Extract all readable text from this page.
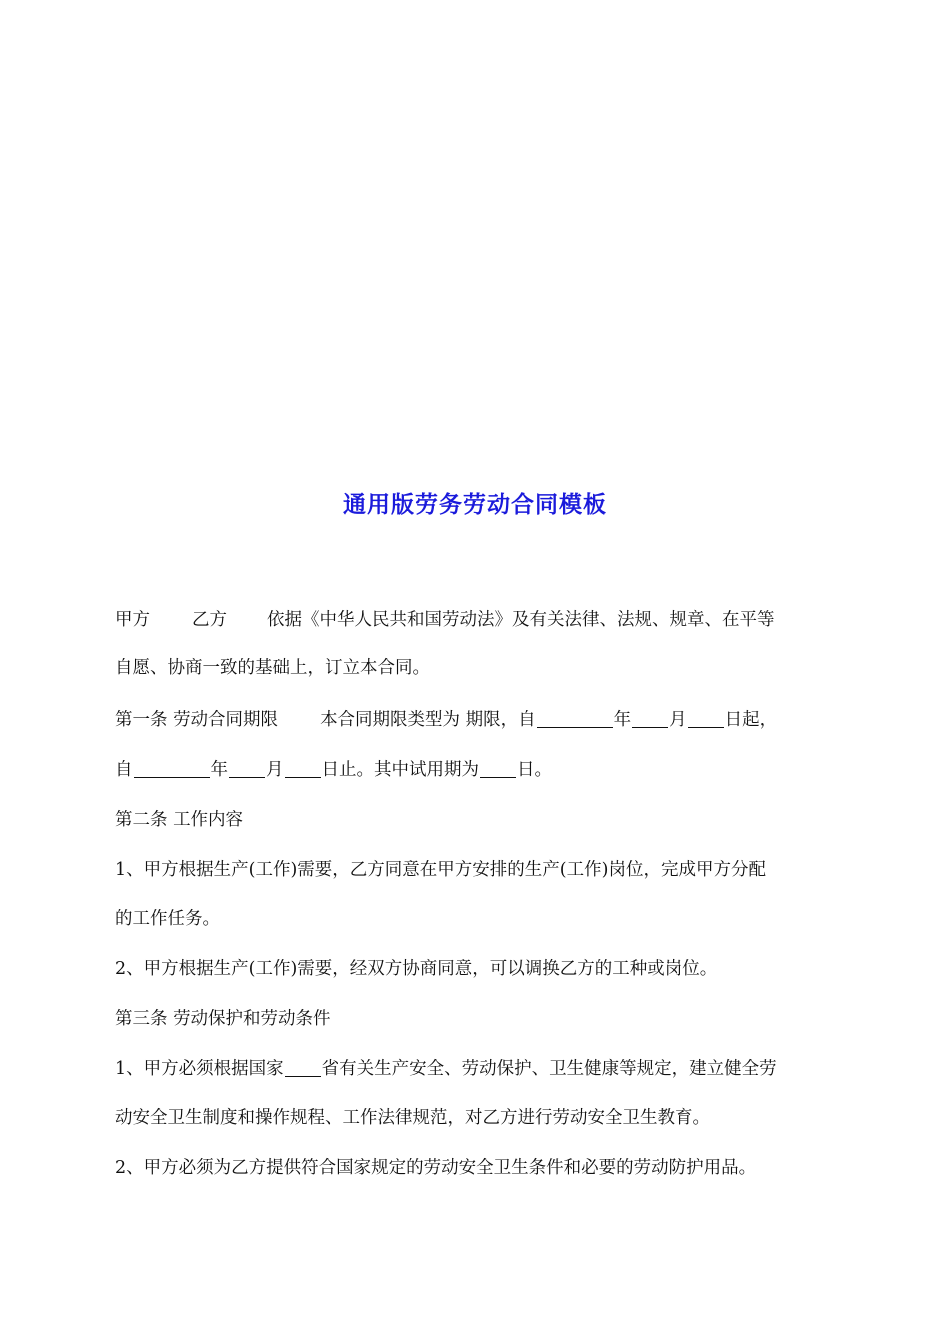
通用版劳务劳动合同模板
甲方 乙方 依据《中华人民共和国劳动法》及有关法律、法规、规章、在平等
自愿、协商一致的基础上，订立本合同。
第一条 劳动合同期限 本合同期限类型为 期限，自	年 月 日起，
自	年 月 日止。其中试用期为 日。
第二条 工作内容
1、甲方根据生产(工作)需要，乙方同意在甲方安排的生产(工作)岗位，完成甲方分配
的工作任务。
2、甲方根据生产(工作)需要，经双方协商同意，可以调换乙方的工种或岗位。
第三条 劳动保护和劳动条件
1、甲方必须根据国家 省有关生产安全、劳动保护、卫生健康等规定，建立健全劳
动安全卫生制度和操作规程、工作法律规范，对乙方进行劳动安全卫生教育。
2、甲方必须为乙方提供符合国家规定的劳动安全卫生条件和必要的劳动防护用品。
